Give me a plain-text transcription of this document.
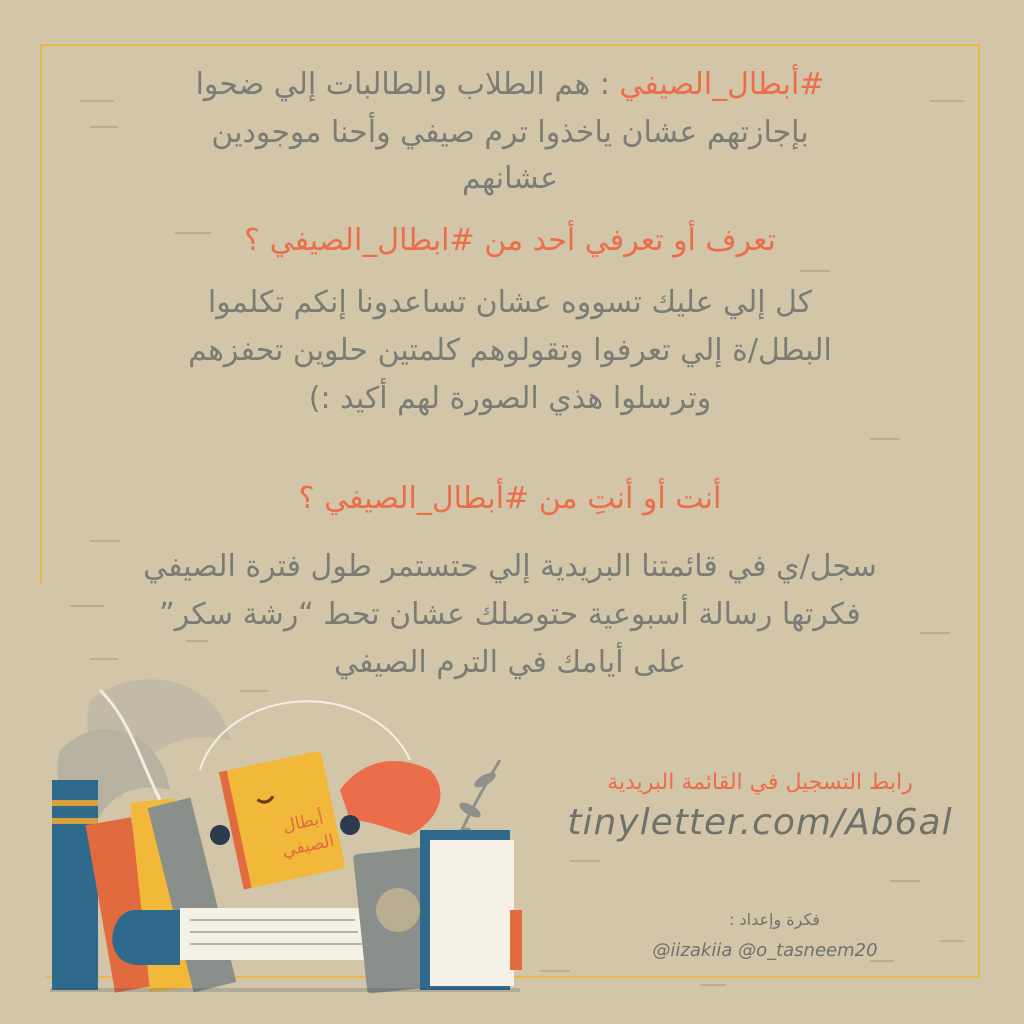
#أبطال_الصيفي : هم الطلاب والطالبات إلي ضحوا
بإجازتهم عشان ياخذوا ترم صيفي وأحنا موجودين
عشانهم
تعرف أو تعرفي أحد من #ابطال_الصيفي ؟
كل إلي عليك تسووه عشان تساعدونا إنكم تكلموا
البطل/ة إلي تعرفوا وتقولوهم كلمتين حلوين تحفزهم
وترسلوا هذي الصورة لهم أكيد :)
أنت أو أنتِ من #أبطال_الصيفي ؟
سجل/ي في قائمتنا البريدية إلي حتستمر طول فترة الصيفي
فكرتها رسالة أسبوعية حتوصلك عشان تحط “رشة سكر”
على أيامك في الترم الصيفي
رابط التسجيل في القائمة البريدية
tinyletter.com/Ab6al
فكرة وإعداد :
@iizakiia @o_tasneem20
أبطال
الصيفي
